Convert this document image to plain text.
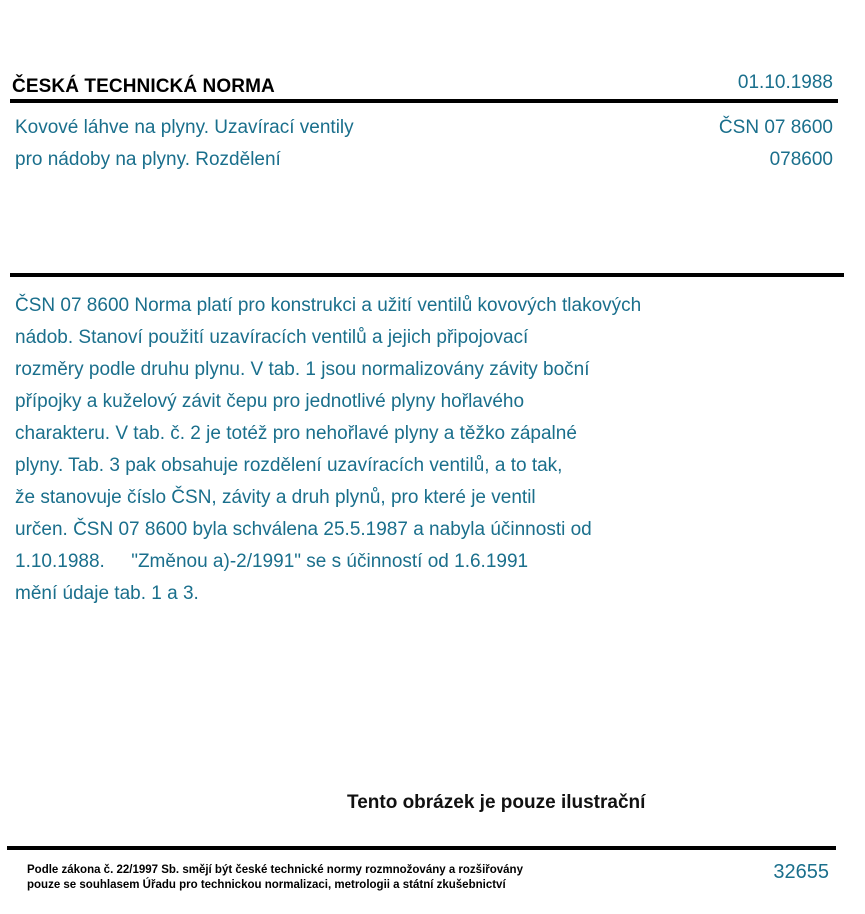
ČESKÁ TECHNICKÁ NORMA	01.10.1988
Kovové láhve na plyny. Uzavírací ventily
pro nádoby na plyny. Rozdělení
ČSN 07 8600
078600
ČSN 07 8600 Norma platí pro konstrukci a užití ventilů kovových tlakových
nádob. Stanoví použití uzavíracích ventilů a jejich připojovací
rozměry podle druhu plynu. V tab. 1 jsou normalizovány závity boční
přípojky a kuželový závit čepu pro jednotlivé plyny hořlavého
charakteru. V tab. č. 2 je totéž pro nehořlavé plyny a těžko zápalné
plyny. Tab. 3 pak obsahuje rozdělení uzavíracích ventilů, a to tak,
že stanovuje číslo ČSN, závity a druh plynů, pro které je ventil
určen. ČSN 07 8600 byla schválena 25.5.1987 a nabyla účinnosti od
1.10.1988.     "Změnou a)-2/1991" se s účinností od 1.6.1991
mění údaje tab. 1 a 3.
Tento obrázek je pouze ilustrační
Podle zákona č. 22/1997 Sb. smějí být české technické normy rozmnožovány a rozšiřovány
pouze se souhlasem Úřadu pro technickou normalizaci, metrologii a státní zkušebnictví
32655
